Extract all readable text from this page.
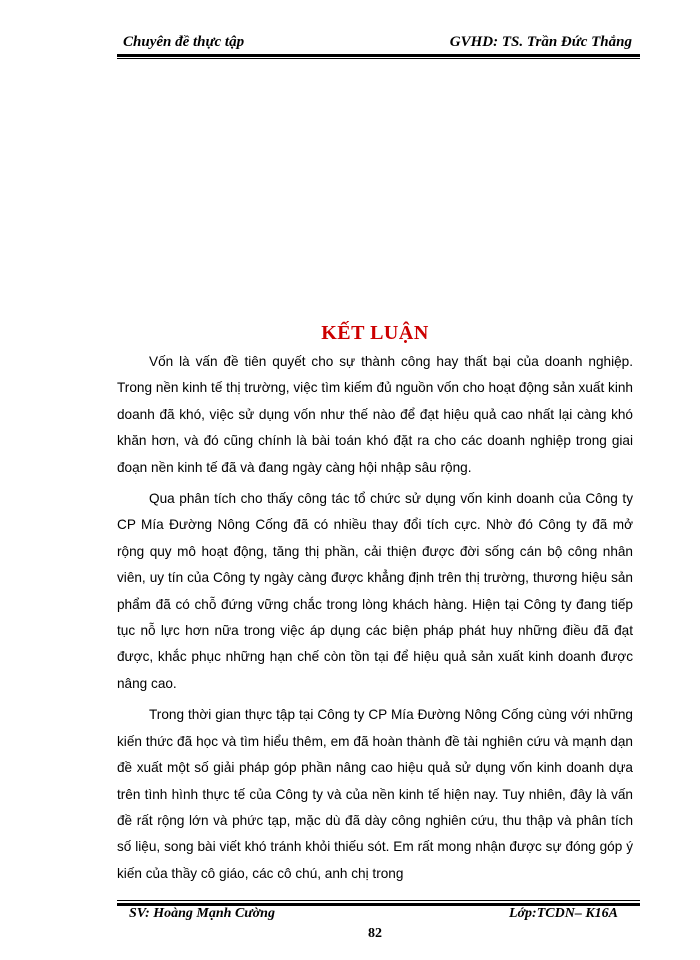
Chuyên đề thực tập	GVHD: TS. Trần Đức Thắng
KẾT LUẬN

Vốn là vấn đề tiên quyết cho sự thành công hay thất bại của doanh nghiệp. Trong nền kinh tế thị trường, việc tìm kiếm đủ nguồn vốn cho hoạt động sản xuất kinh doanh đã khó, việc sử dụng vốn như thế nào để đạt hiệu quả cao nhất lại càng khó khăn hơn, và đó cũng chính là bài toán khó đặt ra cho các doanh nghiệp trong giai đoạn nền kinh tế đã và đang ngày càng hội nhập sâu rộng.

Qua phân tích cho thấy công tác tổ chức sử dụng vốn kinh doanh của Công ty CP Mía Đường Nông Cống đã có nhiều thay đổi tích cực. Nhờ đó Công ty đã mở rộng quy mô hoạt động, tăng thị phần, cải thiện được đời sống cán bộ công nhân viên, uy tín của Công ty ngày càng được khẳng định trên thị trường, thương hiệu sản phẩm đã có chỗ đứng vững chắc trong lòng khách hàng. Hiện tại Công ty đang tiếp tục nỗ lực hơn nữa trong việc áp dụng các biện pháp phát huy những điều đã đạt được, khắc phục những hạn chế còn tồn tại để hiệu quả sản xuất kinh doanh được nâng cao.

Trong thời gian thực tập tại Công ty CP Mía Đường Nông Cống cùng với những kiến thức đã học và tìm hiểu thêm, em đã hoàn thành đề tài nghiên cứu và mạnh dạn đề xuất một số giải pháp góp phần nâng cao hiệu quả sử dụng vốn kinh doanh dựa trên tình hình thực tế của Công ty và của nền kinh tế hiện nay. Tuy nhiên, đây là vấn đề rất rộng lớn và phức tạp, mặc dù đã dày công nghiên cứu, thu thập và phân tích số liệu, song bài viết khó tránh khỏi thiếu sót. Em rất mong nhận được sự đóng góp ý kiến của thầy cô giáo, các cô chú, anh chị trong

SV: Hoàng Mạnh Cường	Lớp:TCDN– K16A
82
